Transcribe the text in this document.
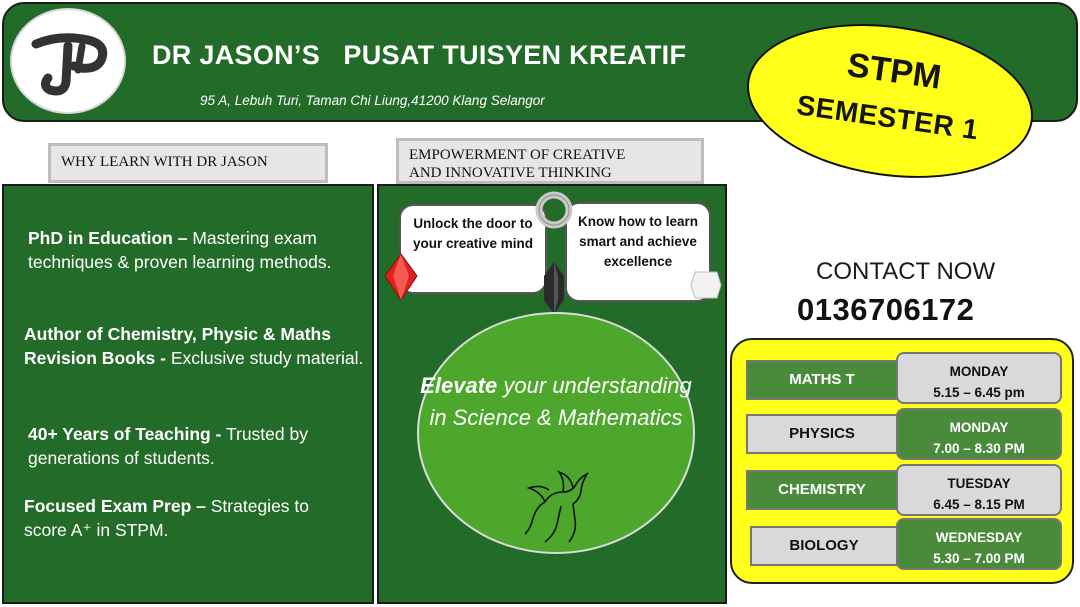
DR JASON’S   PUSAT TUISYEN KREATIF
95 A, Lebuh Turi, Taman Chi Liung,41200 Klang Selangor
STPM
SEMESTER 1
WHY LEARN WITH DR JASON	EMPOWERMENT OF CREATIVE
AND INNOVATIVE THINKING
PhD in Education – Mastering exam techniques & proven learning methods.
Author of Chemistry, Physic & Maths Revision Books - Exclusive study material.
40+ Years of Teaching - Trusted by generations of students.
Focused Exam Prep – Strategies to score A⁺ in STPM.
Unlock the door to your creative mind
Know how to learn smart and achieve excellence
Elevate your understanding in Science & Mathematics
CONTACT NOW
0136706172
MATHS T	MONDAY
5.15 – 6.45 pm
PHYSICS	MONDAY
7.00 – 8.30 PM
CHEMISTRY	TUESDAY
6.45 – 8.15 PM
BIOLOGY	WEDNESDAY
5.30 – 7.00 PM
